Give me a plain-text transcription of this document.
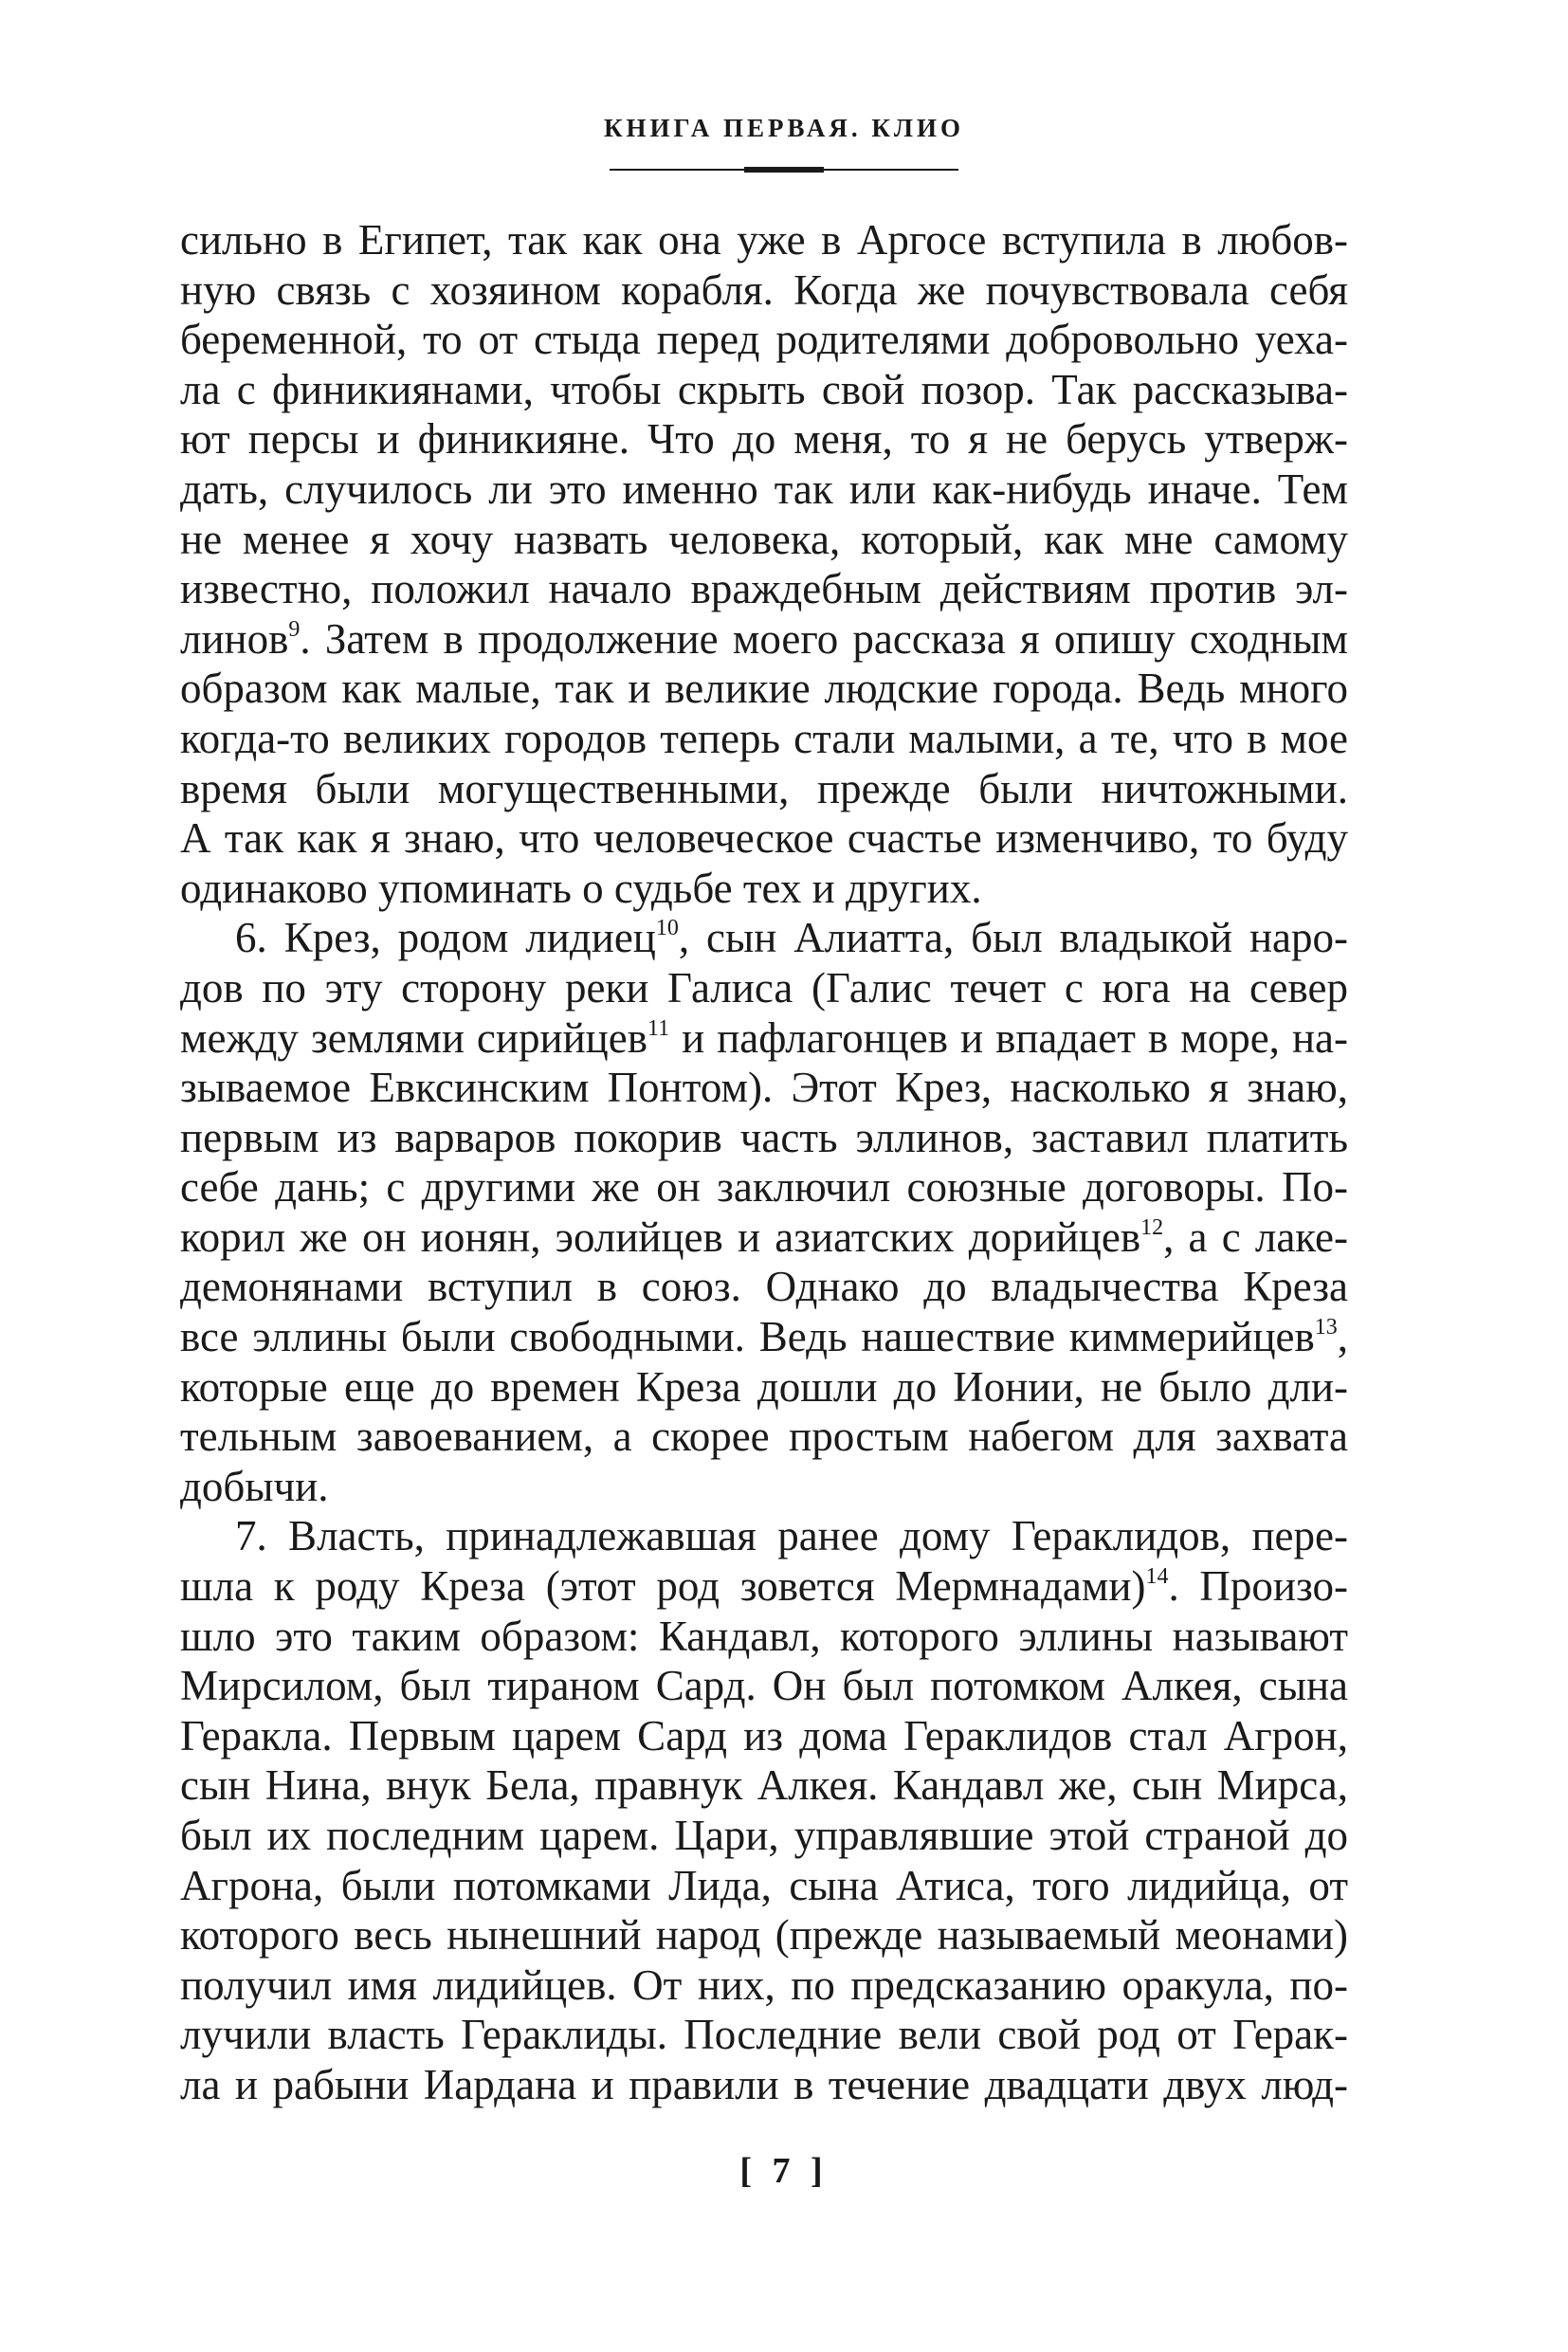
КНИГА ПЕРВАЯ. КЛИО
сильно в Египет, так как она уже в Аргосе вступила в любов-
ную связь с хозяином корабля. Когда же почувствовала себя
беременной, то от стыда перед родителями добровольно уеха-
ла с финикиянами, чтобы скрыть свой позор. Так рассказыва-
ют персы и финикияне. Что до меня, то я не берусь утверж-
дать, случилось ли это именно так или как-нибудь иначе. Тем
не менее я хочу назвать человека, который, как мне самому
известно, положил начало враждебным действиям против эл-
линов$^9$. Затем в продолжение моего рассказа я опишу сходным
образом как малые, так и великие людские города. Ведь много
когда-то великих городов теперь стали малыми, а те, что в мое
время были могущественными, прежде были ничтожными.
А так как я знаю, что человеческое счастье изменчиво, то буду
одинаково упоминать о судьбе тех и других.
6. Крез, родом лидиец$^{10}$, сын Алиатта, был владыкой наро-
дов по эту сторону реки Галиса (Галис течет с юга на север
между землями сирийцев$^{11}$ и пафлагонцев и впадает в море, на-
зываемое Евксинским Понтом). Этот Крез, насколько я знаю,
первым из варваров покорив часть эллинов, заставил платить
себе дань; с другими же он заключил союзные договоры. По-
корил же он ионян, эолийцев и азиатских дорийцев$^{12}$, а с лаке-
демонянами вступил в союз. Однако до владычества Креза
все эллины были свободными. Ведь нашествие киммерийцев$^{13}$,
которые еще до времен Креза дошли до Ионии, не было дли-
тельным завоеванием, а скорее простым набегом для захвата
добычи.
7. Власть, принадлежавшая ранее дому Гераклидов, пере-
шла к роду Креза (этот род зовется Мермнадами)$^{14}$. Произо-
шло это таким образом: Кандавл, которого эллины называют
Мирсилом, был тираном Сард. Он был потомком Алкея, сына
Геракла. Первым царем Сард из дома Гераклидов стал Агрон,
сын Нина, внук Бела, правнук Алкея. Кандавл же, сын Мирса,
был их последним царем. Цари, управлявшие этой страной до
Агрона, были потомками Лида, сына Атиса, того лидийца, от
которого весь нынешний народ (прежде называемый меонами)
получил имя лидийцев. От них, по предсказанию оракула, по-
лучили власть Гераклиды. Последние вели свой род от Герак-
ла и рабыни Иардана и правили в течение двадцати двух люд-
[ 7 ]
